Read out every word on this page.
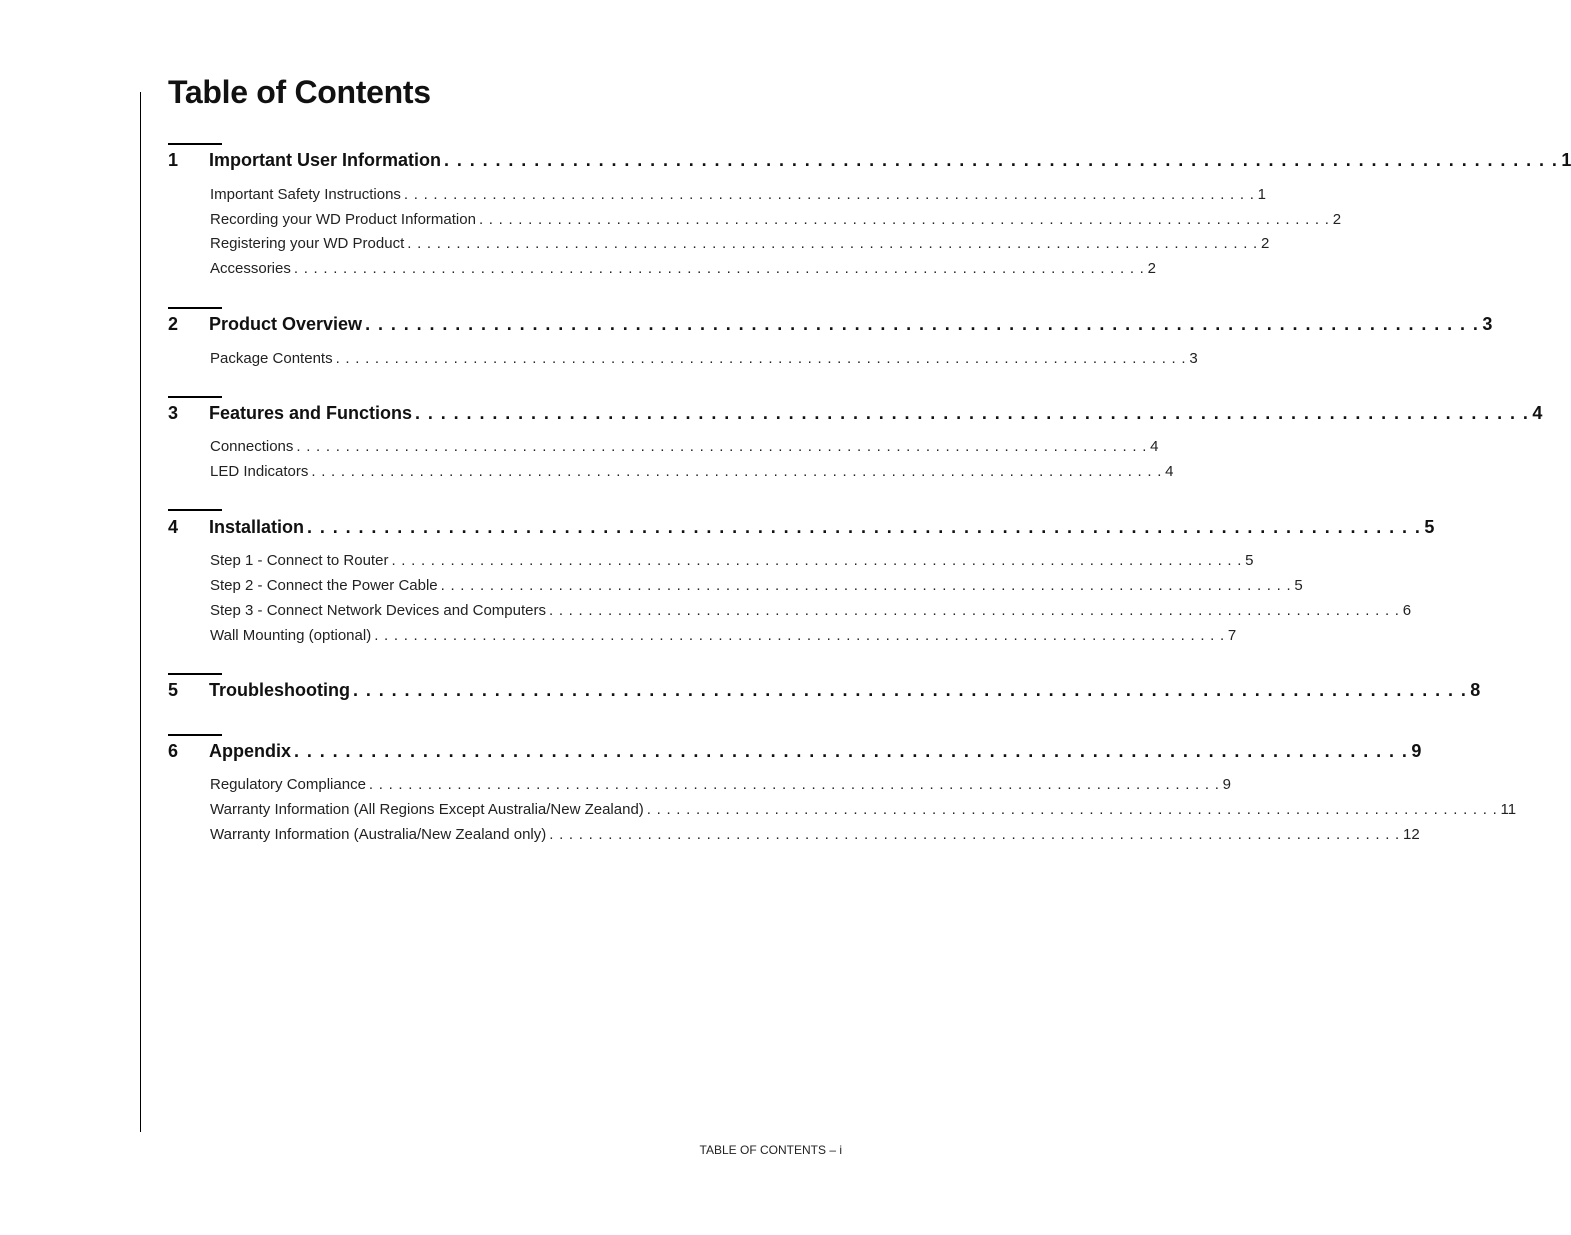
Table of Contents
1	Important User Information . . . . . . . . . . . . . . . . . . . . . . . . . . . . . . . . . . . . . . . . . . . . . . . . . . . . . . . . . . . . . . . . . . . . . . . . . . . . . . . . . . . . . . . 1
Important Safety Instructions . . . . . . . . . . . . . . . . . . . . . . . . . . . . . . . . . . . . . . . . . . . . . . . . . . . . . . . . . . . . . . . . . . . . . . . . . . . . . . . . . . . . . . . 1
Recording your WD Product Information . . . . . . . . . . . . . . . . . . . . . . . . . . . . . . . . . . . . . . . . . . . . . . . . . . . . . . . . . . . . . . . . . . . . . . . . . . . . . . . . . . . . . . . 2
Registering your WD Product . . . . . . . . . . . . . . . . . . . . . . . . . . . . . . . . . . . . . . . . . . . . . . . . . . . . . . . . . . . . . . . . . . . . . . . . . . . . . . . . . . . . . . . 2
Accessories . . . . . . . . . . . . . . . . . . . . . . . . . . . . . . . . . . . . . . . . . . . . . . . . . . . . . . . . . . . . . . . . . . . . . . . . . . . . . . . . . . . . . . . 2
2	Product Overview . . . . . . . . . . . . . . . . . . . . . . . . . . . . . . . . . . . . . . . . . . . . . . . . . . . . . . . . . . . . . . . . . . . . . . . . . . . . . . . . . . . . . . . 3
Package Contents . . . . . . . . . . . . . . . . . . . . . . . . . . . . . . . . . . . . . . . . . . . . . . . . . . . . . . . . . . . . . . . . . . . . . . . . . . . . . . . . . . . . . . . 3
3	Features and Functions . . . . . . . . . . . . . . . . . . . . . . . . . . . . . . . . . . . . . . . . . . . . . . . . . . . . . . . . . . . . . . . . . . . . . . . . . . . . . . . . . . . . . . . 4
Connections . . . . . . . . . . . . . . . . . . . . . . . . . . . . . . . . . . . . . . . . . . . . . . . . . . . . . . . . . . . . . . . . . . . . . . . . . . . . . . . . . . . . . . . 4
LED Indicators . . . . . . . . . . . . . . . . . . . . . . . . . . . . . . . . . . . . . . . . . . . . . . . . . . . . . . . . . . . . . . . . . . . . . . . . . . . . . . . . . . . . . . . 4
4	Installation . . . . . . . . . . . . . . . . . . . . . . . . . . . . . . . . . . . . . . . . . . . . . . . . . . . . . . . . . . . . . . . . . . . . . . . . . . . . . . . . . . . . . . . 5
Step 1 - Connect to Router . . . . . . . . . . . . . . . . . . . . . . . . . . . . . . . . . . . . . . . . . . . . . . . . . . . . . . . . . . . . . . . . . . . . . . . . . . . . . . . . . . . . . . . 5
Step 2 - Connect the Power Cable . . . . . . . . . . . . . . . . . . . . . . . . . . . . . . . . . . . . . . . . . . . . . . . . . . . . . . . . . . . . . . . . . . . . . . . . . . . . . . . . . . . . . . . 5
Step 3 - Connect Network Devices and Computers . . . . . . . . . . . . . . . . . . . . . . . . . . . . . . . . . . . . . . . . . . . . . . . . . . . . . . . . . . . . . . . . . . . . . . . . . . . . . . . . . . . . . . . 6
Wall Mounting (optional) . . . . . . . . . . . . . . . . . . . . . . . . . . . . . . . . . . . . . . . . . . . . . . . . . . . . . . . . . . . . . . . . . . . . . . . . . . . . . . . . . . . . . . . 7
5	Troubleshooting . . . . . . . . . . . . . . . . . . . . . . . . . . . . . . . . . . . . . . . . . . . . . . . . . . . . . . . . . . . . . . . . . . . . . . . . . . . . . . . . . . . . . . . 8
6	Appendix . . . . . . . . . . . . . . . . . . . . . . . . . . . . . . . . . . . . . . . . . . . . . . . . . . . . . . . . . . . . . . . . . . . . . . . . . . . . . . . . . . . . . . . 9
Regulatory Compliance . . . . . . . . . . . . . . . . . . . . . . . . . . . . . . . . . . . . . . . . . . . . . . . . . . . . . . . . . . . . . . . . . . . . . . . . . . . . . . . . . . . . . . . 9
Warranty Information (All Regions Except Australia/New Zealand) . . . . . . . . . . . . . . . . . . . . . . . . . . . . . . . . . . . . . . . . . . . . . . . . . . . . . . . . . . . . . . . . . . . . . . . . . . . . . . . . . . . . . . . 11
Warranty Information (Australia/New Zealand only) . . . . . . . . . . . . . . . . . . . . . . . . . . . . . . . . . . . . . . . . . . . . . . . . . . . . . . . . . . . . . . . . . . . . . . . . . . . . . . . . . . . . . . . 12
TABLE OF CONTENTS – i
